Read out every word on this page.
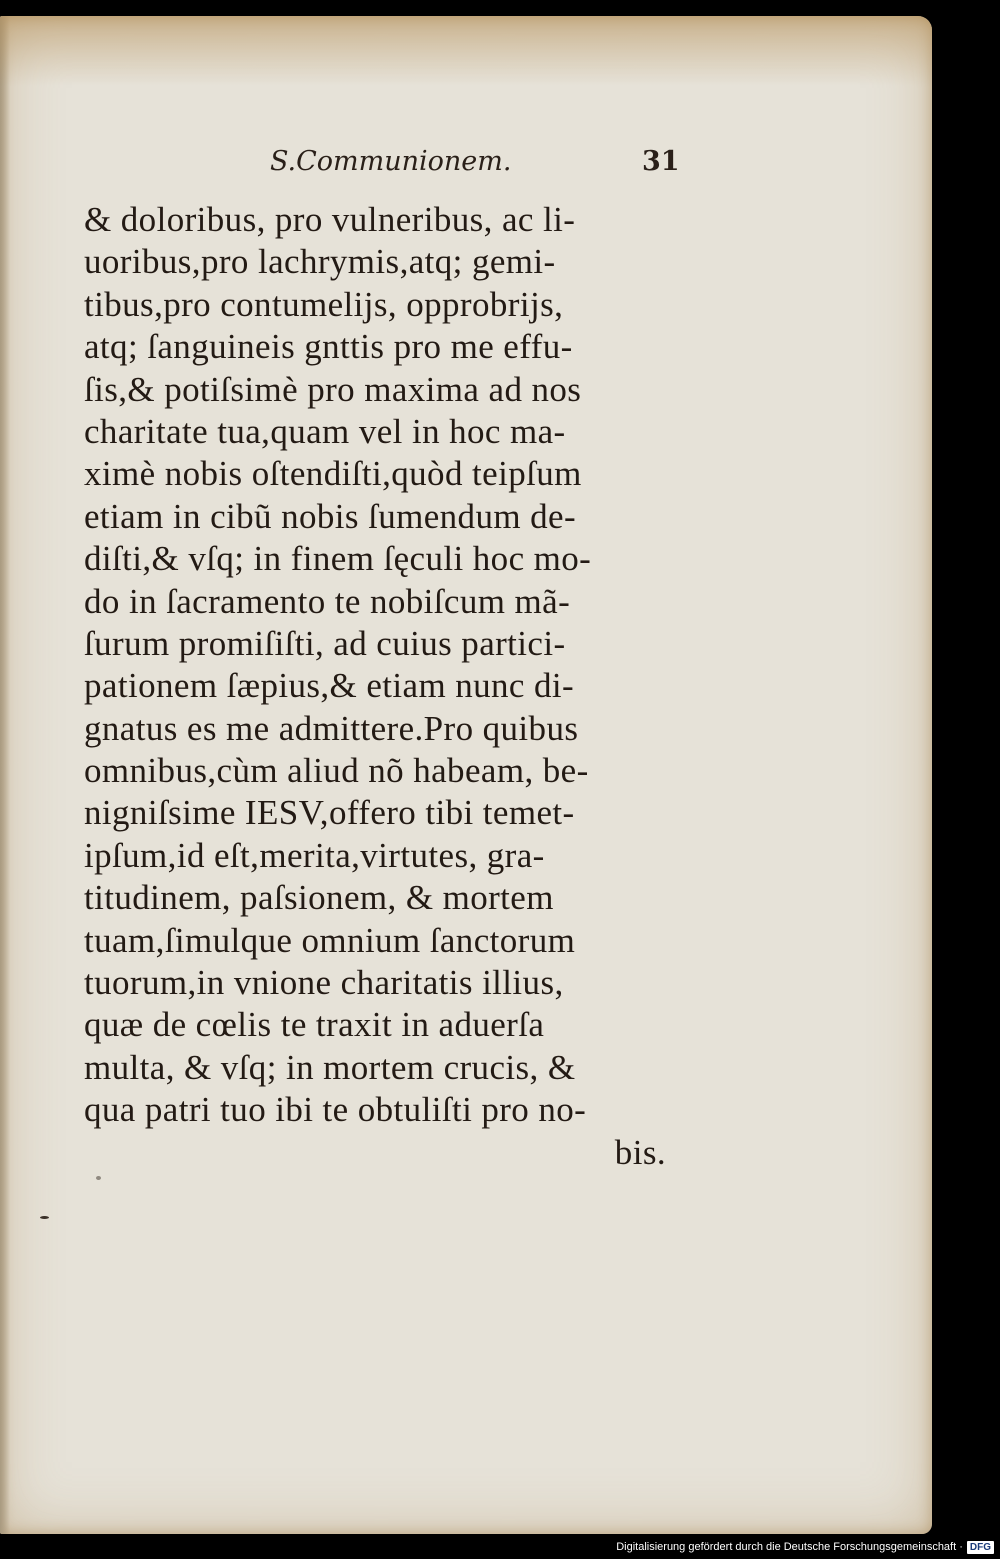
S.Communionem.	31
& doloribus, pro vulneribus, ac li-
uoribus,pro lachrymis,atq; gemi-
tibus,pro contumelijs, opprobrijs,
atq; ſanguineis gnttis pro me effu-
ſis,& potiſsimè pro maxima ad nos
charitate tua,quam vel in hoc ma-
ximè nobis oſtendiſti,quòd teipſum
etiam in cibũ nobis ſumendum de-
diſti,& vſq; in finem ſęculi hoc mo-
do in ſacramento te nobiſcum mã-
ſurum promiſiſti, ad cuius partici-
pationem ſæpius,& etiam nunc di-
gnatus es me admittere.Pro quibus
omnibus,cùm aliud nõ habeam, be-
nigniſsime IESV,offero tibi temet-
ipſum,id eſt,merita,virtutes, gra-
titudinem, paſsionem, & mortem
tuam,ſimulque omnium ſanctorum
tuorum,in vnione charitatis illius,
quæ de cœlis te traxit in aduerſa
multa, & vſq; in mortem crucis, &
qua patri tuo ibi te obtuliſti pro no-
bis.
Digitalisierung gefördert durch die Deutsche Forschungsgemeinschaft · DFG
